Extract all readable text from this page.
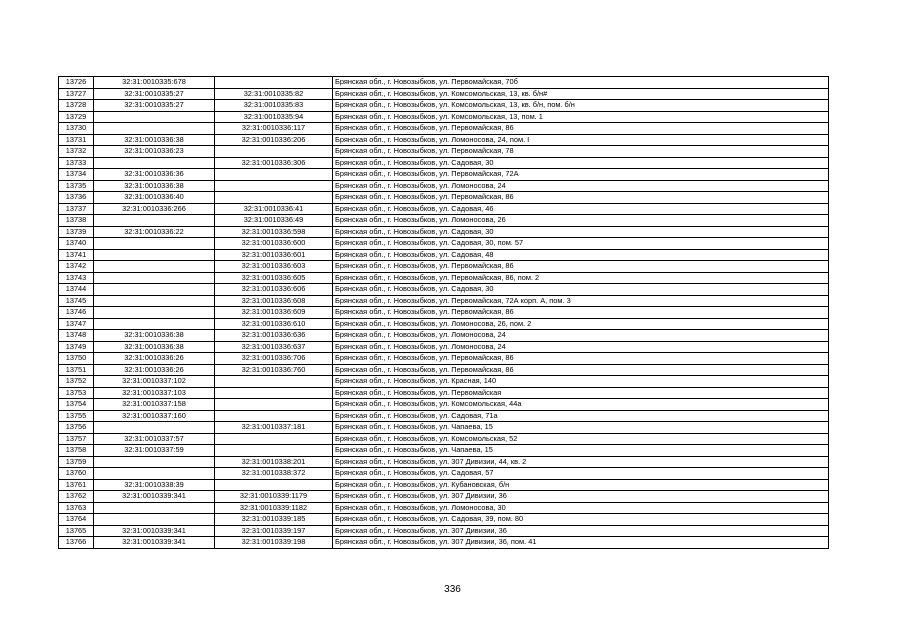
13726	32:31:0010335:678		Брянская обл., г. Новозыбков, ул. Первомайская, 70б
13727	32:31:0010335:27	32:31:0010335:82	Брянская обл., г. Новозыбков, ул. Комсомольская, 13, кв. б/н#
13728	32:31:0010335:27	32:31:0010335:83	Брянская обл., г. Новозыбков, ул. Комсомольская, 13, кв. б/н, пом. б/н
13729		32:31:0010335:94	Брянская обл., г. Новозыбков, ул. Комсомольская, 13, пом. 1
13730		32:31:0010336:117	Брянская обл., г. Новозыбков, ул. Первомайская, 86
13731	32:31:0010336:38	32:31:0010336:206	Брянская обл., г. Новозыбков, ул. Ломоносова, 24, пом. I
13732	32:31:0010336:23		Брянская обл., г. Новозыбков, ул. Первомайская, 78
13733		32:31:0010336:306	Брянская обл., г. Новозыбков, ул. Садовая, 30
13734	32:31:0010336:36		Брянская обл., г. Новозыбков, ул. Первомайская, 72А
13735	32:31:0010336:38		Брянская обл., г. Новозыбков, ул. Ломоносова, 24
13736	32:31:0010336:40		Брянская обл., г. Новозыбков, ул. Первомайская, 86
13737	32:31:0010336:266	32:31:0010336:41	Брянская обл., г. Новозыбков, ул. Садовая, 46
13738		32:31:0010336:49	Брянская обл., г. Новозыбков, ул. Ломоносова, 26
13739	32:31:0010336:22	32:31:0010336:598	Брянская обл., г. Новозыбков, ул. Садовая, 30
13740		32:31:0010336:600	Брянская обл., г. Новозыбков, ул. Садовая, 30, пом. 57
13741		32:31:0010336:601	Брянская обл., г. Новозыбков, ул. Садовая, 48
13742		32:31:0010336:603	Брянская обл., г. Новозыбков, ул. Первомайская, 86
13743		32:31:0010336:605	Брянская обл., г. Новозыбков, ул. Первомайская, 86, пом. 2
13744		32:31:0010336:606	Брянская обл., г. Новозыбков, ул. Садовая, 30
13745		32:31:0010336:608	Брянская обл., г. Новозыбков, ул. Первомайская, 72А корп. А, пом. 3
13746		32:31:0010336:609	Брянская обл., г. Новозыбков, ул. Первомайская, 86
13747		32:31:0010336:610	Брянская обл., г. Новозыбков, ул. Ломоносова, 26, пом. 2
13748	32:31:0010336:38	32:31:0010336:636	Брянская обл., г. Новозыбков, ул. Ломоносова, 24
13749	32:31:0010336:38	32:31:0010336:637	Брянская обл., г. Новозыбков, ул. Ломоносова, 24
13750	32:31:0010336:26	32:31:0010336:706	Брянская обл., г. Новозыбков, ул. Первомайская, 86
13751	32:31:0010336:26	32:31:0010336:760	Брянская обл., г. Новозыбков, ул. Первомайская, 86
13752	32:31:0010337:102		Брянская обл., г. Новозыбков, ул. Красная, 140
13753	32:31:0010337:103		Брянская обл., г. Новозыбков, ул. Первомайская
13754	32:31:0010337:158		Брянская обл., г. Новозыбков, ул. Комсомольская, 44а
13755	32:31:0010337:160		Брянская обл., г. Новозыбков, ул. Садовая, 71а
13756		32:31:0010337:181	Брянская обл., г. Новозыбков, ул. Чапаева, 15
13757	32:31:0010337:57		Брянская обл., г. Новозыбков, ул. Комсомольская, 52
13758	32:31:0010337:59		Брянская обл., г. Новозыбков, ул. Чапаева, 15
13759		32:31:0010338:201	Брянская обл., г. Новозыбков, ул. 307 Дивизии, 44, кв. 2
13760		32:31:0010338:372	Брянская обл., г. Новозыбков, ул. Садовая, 57
13761	32:31:0010338:39		Брянская обл., г. Новозыбков, ул. Кубановская, б/н
13762	32:31:0010339:341	32:31:0010339:1179	Брянская обл., г. Новозыбков, ул. 307 Дивизии, 36
13763		32:31:0010339:1182	Брянская обл., г. Новозыбков, ул. Ломоносова, 30
13764		32:31:0010339:185	Брянская обл., г. Новозыбков, ул. Садовая, 39, пом. 80
13765	32:31:0010339:341	32:31:0010339:197	Брянская обл., г. Новозыбков, ул. 307 Дивизии, 36
13766	32:31:0010339:341	32:31:0010339:198	Брянская обл., г. Новозыбков, ул. 307 Дивизии, 36, пом. 41
336
